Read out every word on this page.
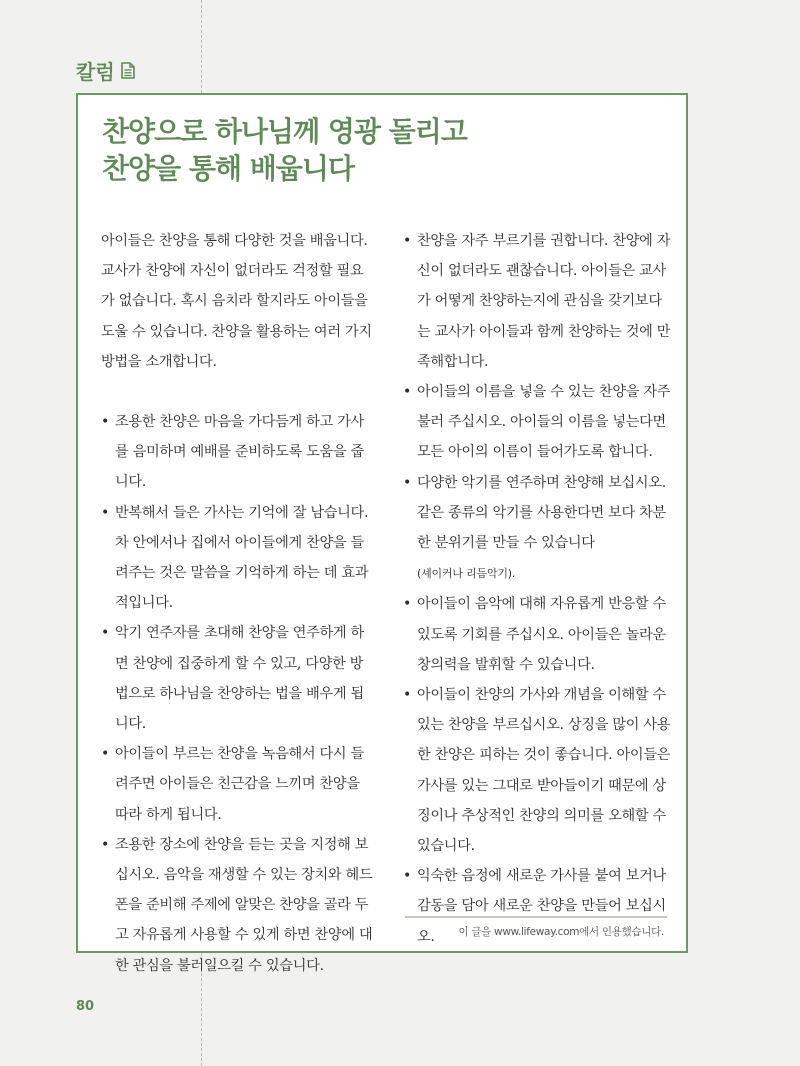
칼럼
찬양으로 하나님께 영광 돌리고
찬양을 통해 배웁니다

아이들은 찬양을 통해 다양한 것을 배웁니다. 교사가 찬양에 자신이 없더라도 걱정할 필요가 없습니다. 혹시 음치라 할지라도 아이들을 도울 수 있습니다. 찬양을 활용하는 여러 가지 방법을 소개합니다.

• 조용한 찬양은 마음을 가다듬게 하고 가사를 음미하며 예배를 준비하도록 도움을 줍니다.
• 반복해서 들은 가사는 기억에 잘 남습니다. 차 안에서나 집에서 아이들에게 찬양을 들려주는 것은 말씀을 기억하게 하는 데 효과적입니다.
• 악기 연주자를 초대해 찬양을 연주하게 하면 찬양에 집중하게 할 수 있고, 다양한 방법으로 하나님을 찬양하는 법을 배우게 됩니다.
• 아이들이 부르는 찬양을 녹음해서 다시 들려주면 아이들은 친근감을 느끼며 찬양을 따라 하게 됩니다.
• 조용한 장소에 찬양을 듣는 곳을 지정해 보십시오. 음악을 재생할 수 있는 장치와 헤드폰을 준비해 주제에 알맞은 찬양을 골라 두고 자유롭게 사용할 수 있게 하면 찬양에 대한 관심을 불러일으킬 수 있습니다.
• 찬양을 자주 부르기를 권합니다. 찬양에 자신이 없더라도 괜찮습니다. 아이들은 교사가 어떻게 찬양하는지에 관심을 갖기보다는 교사가 아이들과 함께 찬양하는 것에 만족해합니다.
• 아이들의 이름을 넣을 수 있는 찬양을 자주 불러 주십시오. 아이들의 이름을 넣는다면 모든 아이의 이름이 들어가도록 합니다.
• 다양한 악기를 연주하며 찬양해 보십시오. 같은 종류의 악기를 사용한다면 보다 차분한 분위기를 만들 수 있습니다
(셰이커나 리듬악기).
• 아이들이 음악에 대해 자유롭게 반응할 수 있도록 기회를 주십시오. 아이들은 놀라운 창의력을 발휘할 수 있습니다.
• 아이들이 찬양의 가사와 개념을 이해할 수 있는 찬양을 부르십시오. 상징을 많이 사용한 찬양은 피하는 것이 좋습니다. 아이들은 가사를 있는 그대로 받아들이기 때문에 상징이나 추상적인 찬양의 의미를 오해할 수 있습니다.
• 익숙한 음정에 새로운 가사를 붙여 보거나 감동을 담아 새로운 찬양을 만들어 보십시오.	이 글을 www.lifeway.com에서 인용했습니다.
80
